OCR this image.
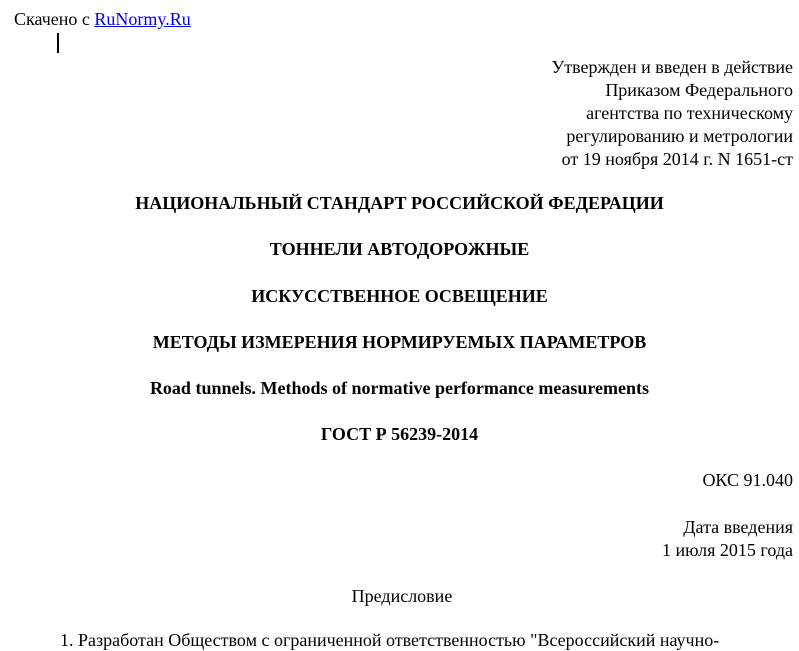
Скачено с RuNormy.Ru
Утвержден и введен в действие
Приказом Федерального
агентства по техническому
регулированию и метрологии
от 19 ноября 2014 г. N 1651-ст
НАЦИОНАЛЬНЫЙ СТАНДАРТ РОССИЙСКОЙ ФЕДЕРАЦИИ
ТОННЕЛИ АВТОДОРОЖНЫЕ
ИСКУССТВЕННОЕ ОСВЕЩЕНИЕ
МЕТОДЫ ИЗМЕРЕНИЯ НОРМИРУЕМЫХ ПАРАМЕТРОВ
Road tunnels. Methods of normative performance measurements
ГОСТ Р 56239-2014
ОКС 91.040
Дата введения
1 июля 2015 года
Предисловие
1. Разработан Обществом с ограниченной ответственностью "Всероссийский научно-
